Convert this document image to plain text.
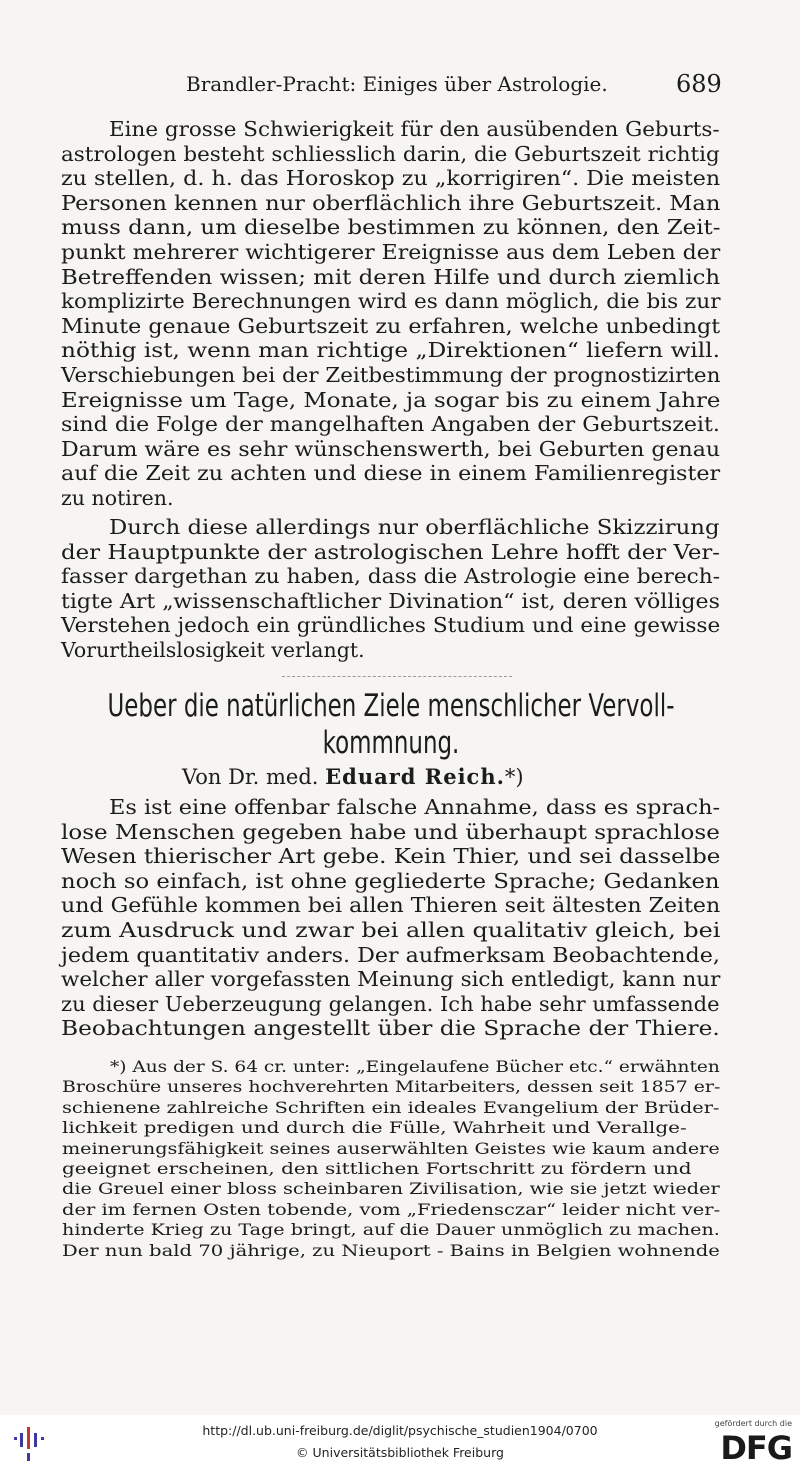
Brandler-Pracht: Einiges über Astrologie.	689
Eine grosse Schwierigkeit für den ausübenden Geburts-
astrologen besteht schliesslich darin, die Geburtszeit richtig
zu stellen, d. h. das Horoskop zu „korrigiren“. Die meisten
Personen kennen nur oberflächlich ihre Geburtszeit. Man
muss dann, um dieselbe bestimmen zu können, den Zeit-
punkt mehrerer wichtigerer Ereignisse aus dem Leben der
Betreffenden wissen; mit deren Hilfe und durch ziemlich
komplizirte Berechnungen wird es dann möglich, die bis zur
Minute genaue Geburtszeit zu erfahren, welche unbedingt
nöthig ist, wenn man richtige „Direktionen“ liefern will.
Verschiebungen bei der Zeitbestimmung der prognostizirten
Ereignisse um Tage, Monate, ja sogar bis zu einem Jahre
sind die Folge der mangelhaften Angaben der Geburtszeit.
Darum wäre es sehr wünschenswerth, bei Geburten genau
auf die Zeit zu achten und diese in einem Familienregister
zu notiren.
Durch diese allerdings nur oberflächliche Skizzirung
der Hauptpunkte der astrologischen Lehre hofft der Ver-
fasser dargethan zu haben, dass die Astrologie eine berech-
tigte Art „wissenschaftlicher Divination“ ist, deren völliges
Verstehen jedoch ein gründliches Studium und eine gewisse
Vorurtheilslosigkeit verlangt.
Ueber die natürlichen Ziele menschlicher Vervoll-
kommnung.
Von Dr. med. Eduard Reich.*)
Es ist eine offenbar falsche Annahme, dass es sprach-
lose Menschen gegeben habe und überhaupt sprachlose
Wesen thierischer Art gebe. Kein Thier, und sei dasselbe
noch so einfach, ist ohne gegliederte Sprache; Gedanken
und Gefühle kommen bei allen Thieren seit ältesten Zeiten
zum Ausdruck und zwar bei allen qualitativ gleich, bei
jedem quantitativ anders. Der aufmerksam Beobachtende,
welcher aller vorgefassten Meinung sich entledigt, kann nur
zu dieser Ueberzeugung gelangen. Ich habe sehr umfassende
Beobachtungen angestellt über die Sprache der Thiere.
*) Aus der S. 64 cr. unter: „Eingelaufene Bücher etc.“ erwähnten
Broschüre unseres hochverehrten Mitarbeiters, dessen seit 1857 er-
schienene zahlreiche Schriften ein ideales Evangelium der Brüder-
lichkeit predigen und durch die Fülle, Wahrheit und Verallge-
meinerungsfähigkeit seines auserwählten Geistes wie kaum andere
geeignet erscheinen, den sittlichen Fortschritt zu fördern und
die Greuel einer bloss scheinbaren Zivilisation, wie sie jetzt wieder
der im fernen Osten tobende, vom „Friedensczar“ leider nicht ver-
hinderte Krieg zu Tage bringt, auf die Dauer unmöglich zu machen.
Der nun bald 70 jährige, zu Nieuport - Bains in Belgien wohnende
http://dl.ub.uni-freiburg.de/diglit/psychische_studien1904/0700
© Universitätsbibliothek Freiburg
gefördert durch die
DFG
